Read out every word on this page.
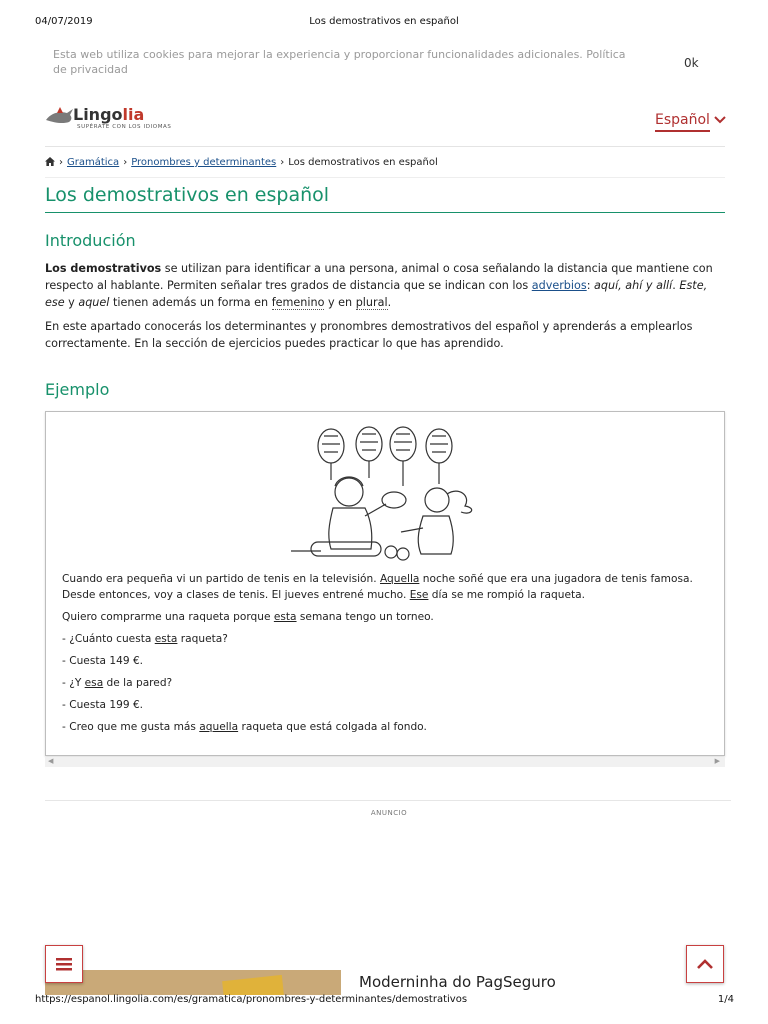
04/07/2019	Los demostrativos en español
Esta web utiliza cookies para mejorar la experiencia y proporcionar funcionalidades adicionales. Política de privacidad	0k
Lingolia
SUPÉRATE CON LOS IDIOMAS	Español
› Gramática › Pronombres y determinantes › Los demostrativos en español
Los demostrativos en español
Introdución
Los demostrativos se utilizan para identificar a una persona, animal o cosa señalando la distancia que mantiene con respecto al hablante. Permiten señalar tres grados de distancia que se indican con los adverbios: aquí, ahí y allí. Este, ese y aquel tienen además un forma en femenino y en plural.
En este apartado conocerás los determinantes y pronombres demostrativos del español y aprenderás a emplearlos correctamente. En la sección de ejercicios puedes practicar lo que has aprendido.
Ejemplo
Cuando era pequeña vi un partido de tenis en la televisión. Aquella noche soñé que era una jugadora de tenis famosa. Desde entonces, voy a clases de tenis. El jueves entrené mucho. Ese día se me rompió la raqueta.
Quiero comprarme una raqueta porque esta semana tengo un torneo.
- ¿Cuánto cuesta esta raqueta?
- Cuesta 149 €.
- ¿Y esa de la pared?
- Cuesta 199 €.
- Creo que me gusta más aquella raqueta que está colgada al fondo.
◀	▶
ANUNCIO
Moderninha do PagSeguro
https://espanol.lingolia.com/es/gramatica/pronombres-y-determinantes/demostrativos	1/4
